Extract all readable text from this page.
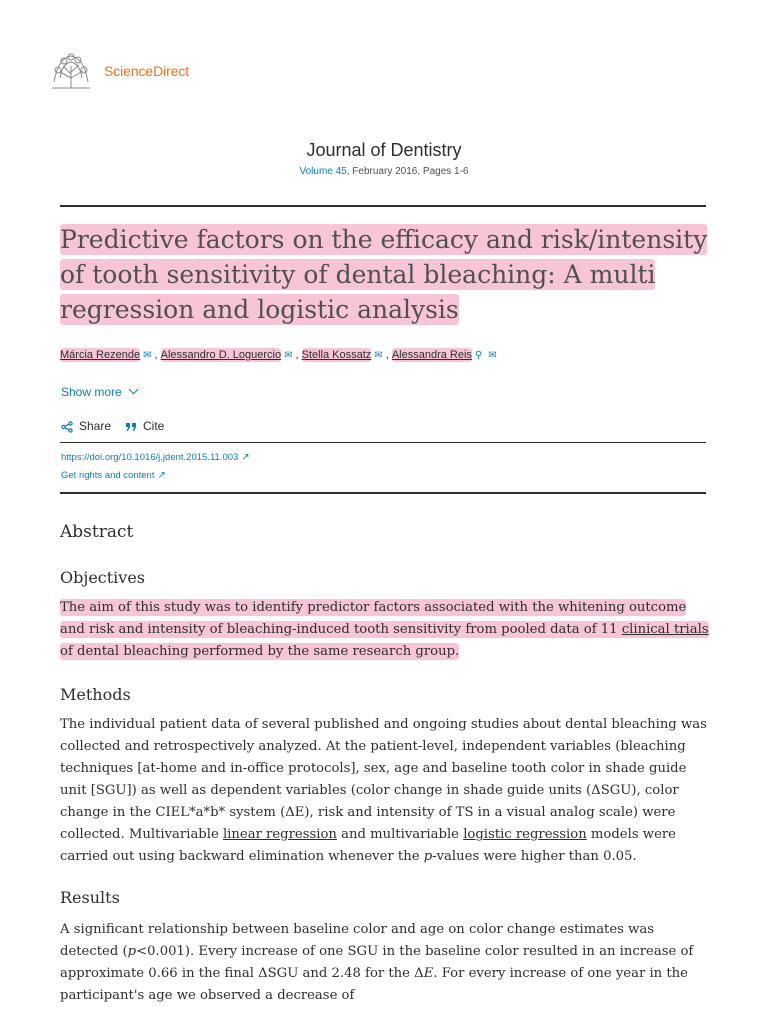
ScienceDirect
Journal of Dentistry
Volume 45, February 2016, Pages 1-6
Predictive factors on the efficacy and risk/intensity of tooth sensitivity of dental bleaching: A multi regression and logistic analysis
Márcia Rezende ✉ , Alessandro D. Loguercio ✉ , Stella Kossatz ✉ , Alessandra Reis ⚲ ✉
Show more
Share	Cite
https://doi.org/10.1016/j.jdent.2015.11.003 ↗
Get rights and content ↗
Abstract
Objectives

The aim of this study was to identify predictor factors associated with the whitening outcome and risk and intensity of bleaching-induced tooth sensitivity from pooled data of 11 clinical trials of dental bleaching performed by the same research group.

Methods

The individual patient data of several published and ongoing studies about dental bleaching was collected and retrospectively analyzed. At the patient-level, independent variables (bleaching techniques [at-home and in-office protocols], sex, age and baseline tooth color in shade guide unit [SGU]) as well as dependent variables (color change in shade guide units (ΔSGU), color change in the CIEL*a*b* system (ΔE), risk and intensity of TS in a visual analog scale) were collected. Multivariable linear regression and multivariable logistic regression models were carried out using backward elimination whenever the p-values were higher than 0.05.

Results

A significant relationship between baseline color and age on color change estimates was detected (p<0.001). Every increase of one SGU in the baseline color resulted in an increase of approximate 0.66 in the final ΔSGU and 2.48 for the ΔE. For every increase of one year in the participant's age we observed a decrease of
